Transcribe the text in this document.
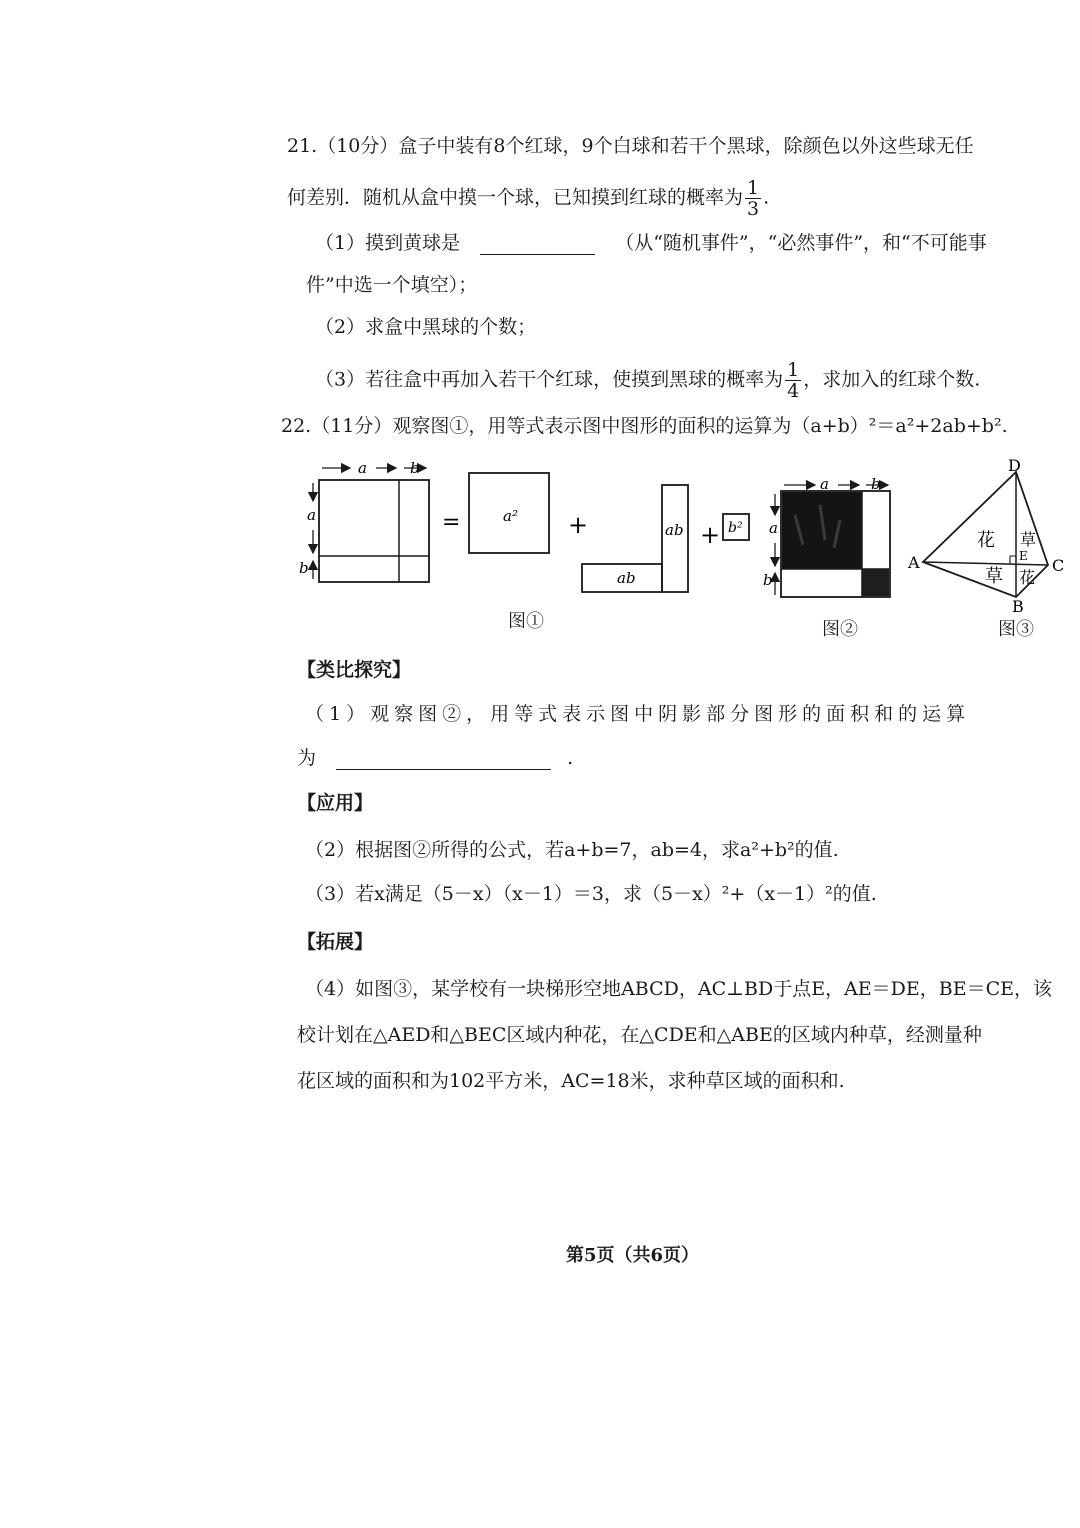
21.（10分）盒子中装有8个红球，9个白球和若干个黑球，除颜色以外这些球无任
何差别．随机从盒中摸一个球，已知摸到红球的概率为 $\frac{1}{3}$ .
（1）摸到黄球是	（从“随机事件”，“必然事件”，和“不可能事
件”中选一个填空）；
（2）求盒中黑球的个数；
（3）若往盒中再加入若干个红球，使摸到黑球的概率为 $\frac{1}{4}$ ，求加入的红球个数.
22.（11分）观察图①，用等式表示图中图形的面积的运算为（a+b）²＝a²+2ab+b².
a	b
a
b
=	a² +	ab
ab
+ b²
a	b
a
b
D
A	C
B
E
花 草
草 花
图①	图②	图③
【类比探究】
（1）观察图②，用等式表示图中阴影部分图形的面积和的运算
为	.
【应用】
（2）根据图②所得的公式，若a+b=7，ab=4，求a²+b²的值.
（3）若x满足（5－x）（x－1）＝3，求（5－x）²+（x－1）²的值.
【拓展】
（4）如图③，某学校有一块梯形空地ABCD，AC⊥BD于点E，AE＝DE，BE＝CE，该
校计划在△AED和△BEC区域内种花，在△CDE和△ABE的区域内种草，经测量种
花区域的面积和为102平方米，AC=18米，求种草区域的面积和.
第5页（共6页）
